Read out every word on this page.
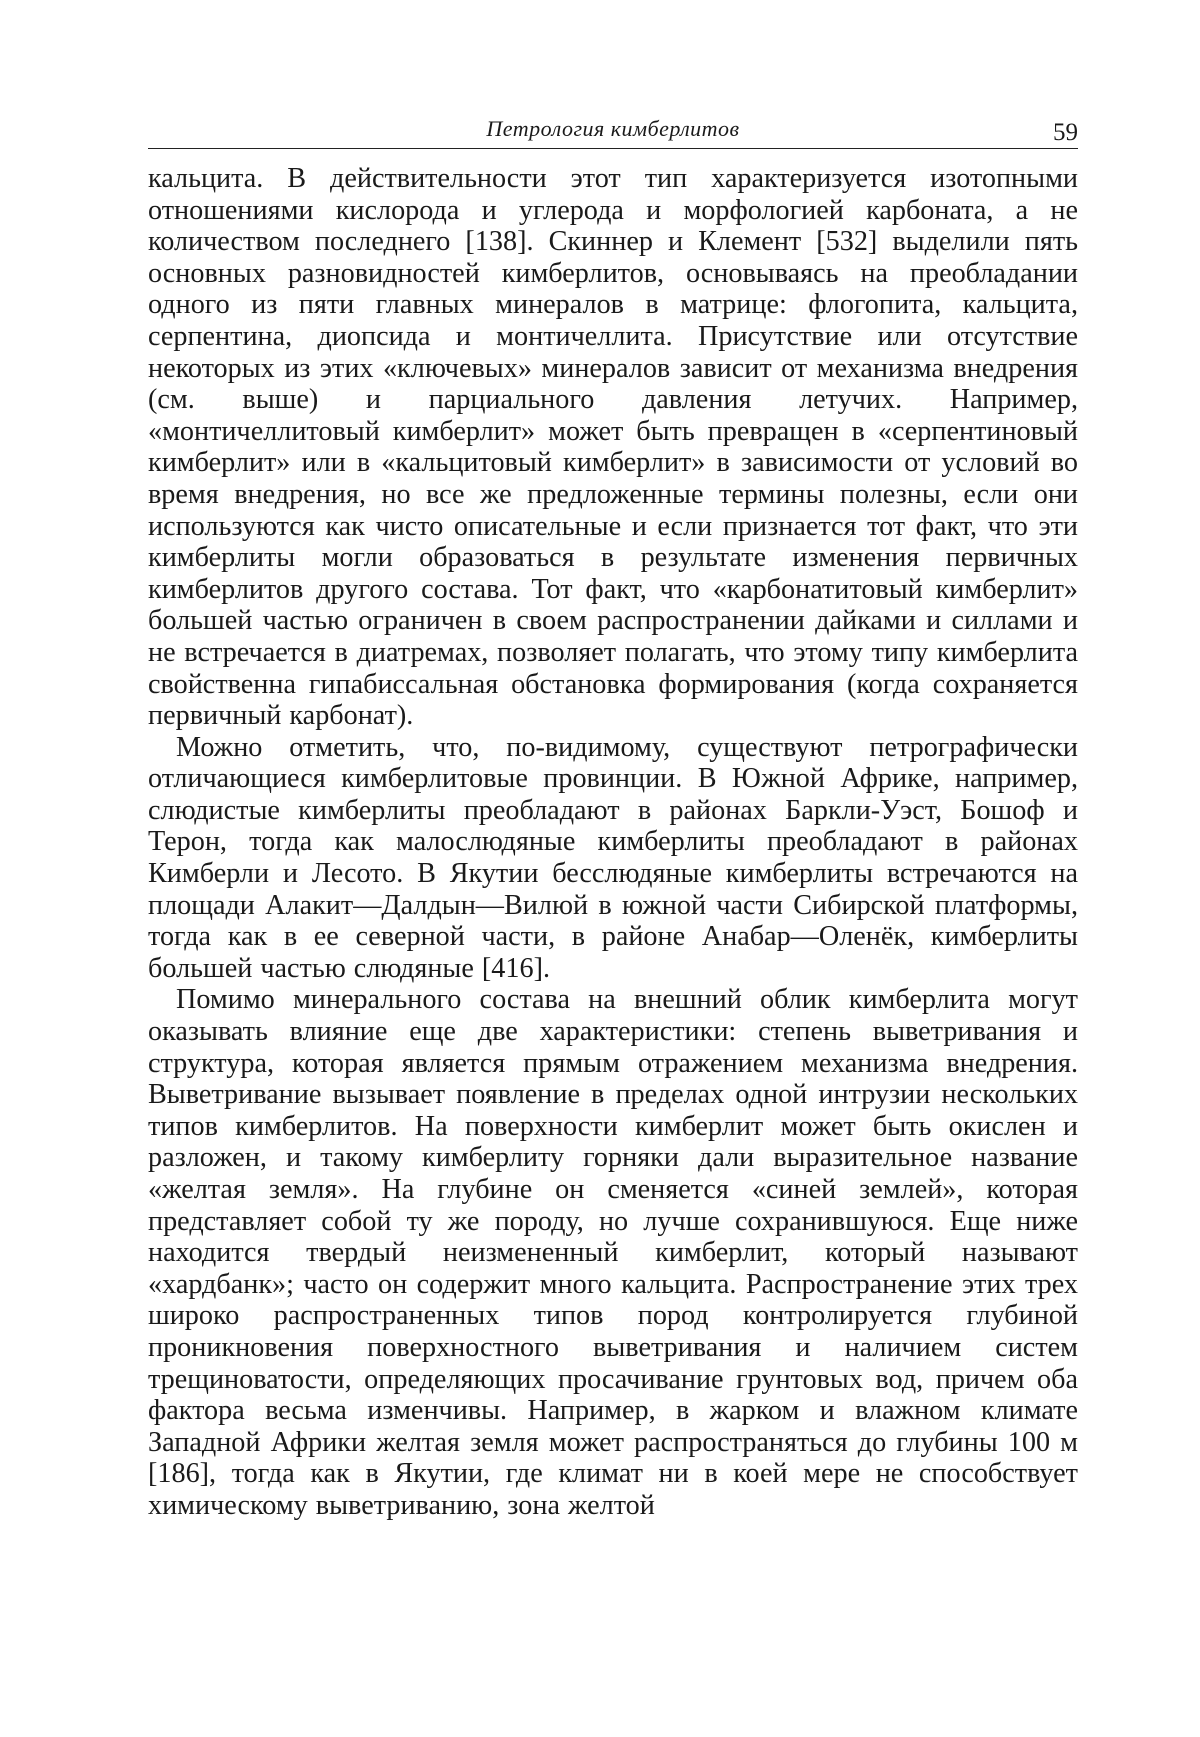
Петрология кимберлитов	59

кальцита. В действительности этот тип характеризуется изотопными отношениями кислорода и углерода и морфологией карбоната, а не количеством последнего [138]. Скиннер и Клемент [532] выделили пять основных разновидностей кимберлитов, основываясь на преобладании одного из пяти главных минералов в матрице: флогопита, кальцита, серпентина, диопсида и монтичеллита. Присутствие или отсутствие некоторых из этих «ключевых» минералов зависит от механизма внедрения (см. выше) и парциального давления летучих. Например, «монтичеллитовый кимберлит» может быть превращен в «серпентиновый кимберлит» или в «кальцитовый кимберлит» в зависимости от условий во время внедрения, но все же предложенные термины полезны, если они используются как чисто описательные и если признается тот факт, что эти кимберлиты могли образоваться в результате изменения первичных кимберлитов другого состава. Тот факт, что «карбонатитовый кимберлит» большей частью ограничен в своем распространении дайками и силлами и не встречается в диатремах, позволяет полагать, что этому типу кимберлита свойственна гипабиссальная обстановка формирования (когда сохраняется первичный карбонат).

Можно отметить, что, по-видимому, существуют петрографически отличающиеся кимберлитовые провинции. В Южной Африке, например, слюдистые кимберлиты преобладают в районах Баркли-Уэст, Бошоф и Терон, тогда как малослюдяные кимберлиты преобладают в районах Кимберли и Лесото. В Якутии бесслюдяные кимберлиты встречаются на площади Алакит—Далдын—Вилюй в южной части Сибирской платформы, тогда как в ее северной части, в районе Анабар—Оленёк, кимберлиты большей частью слюдяные [416].

Помимо минерального состава на внешний облик кимберлита могут оказывать влияние еще две характеристики: степень выветривания и структура, которая является прямым отражением механизма внедрения. Выветривание вызывает появление в пределах одной интрузии нескольких типов кимберлитов. На поверхности кимберлит может быть окислен и разложен, и такому кимберлиту горняки дали выразительное название «желтая земля». На глубине он сменяется «синей землей», которая представляет собой ту же породу, но лучше сохранившуюся. Еще ниже находится твердый неизмененный кимберлит, который называют «хардбанк»; часто он содержит много кальцита. Распространение этих трех широко распространенных типов пород контролируется глубиной проникновения поверхностного выветривания и наличием систем трещиноватости, определяющих просачивание грунтовых вод, причем оба фактора весьма изменчивы. Например, в жарком и влажном климате Западной Африки желтая земля может распространяться до глубины 100 м [186], тогда как в Якутии, где климат ни в коей мере не способствует химическому выветриванию, зона желтой
